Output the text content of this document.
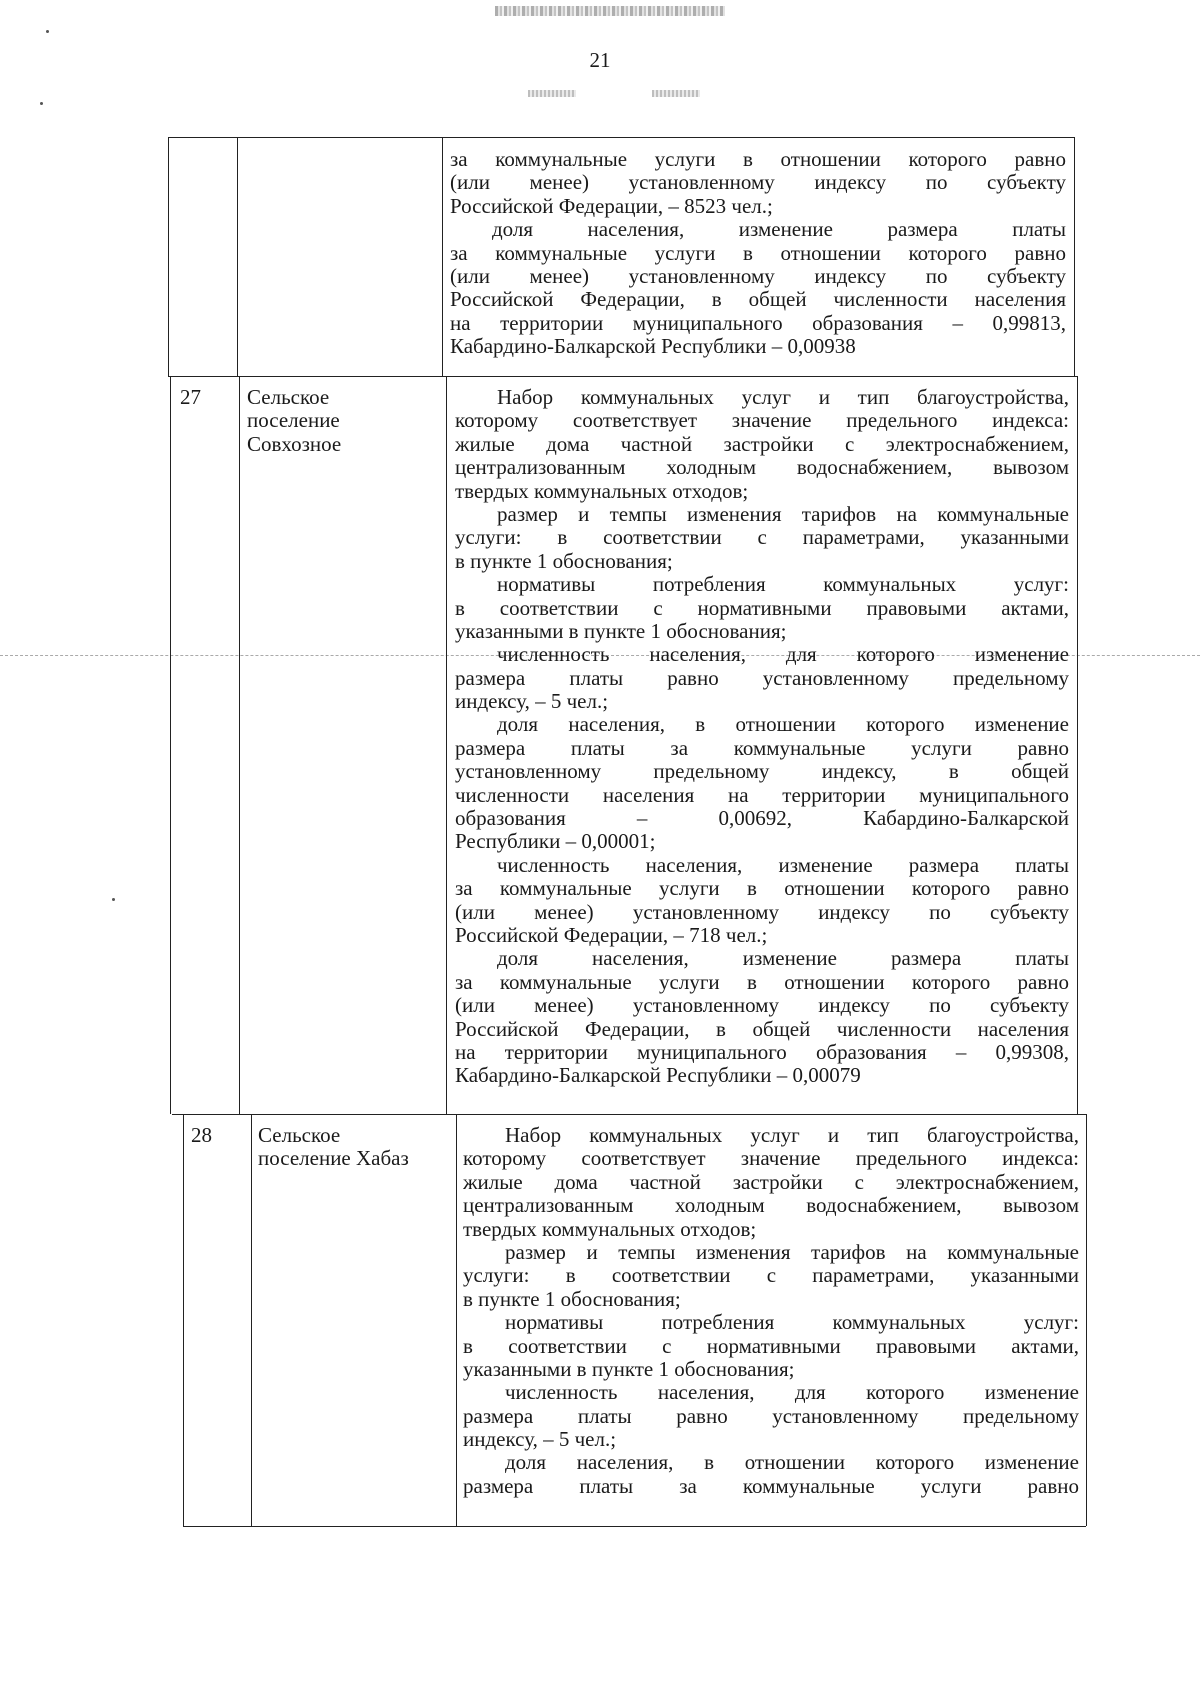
21
за коммунальные услуги в отношении которого равно
(или менее) установленному индексу по субъекту
Российской Федерации, – 8523 чел.;
доля населения, изменение размера платы
за коммунальные услуги в отношении которого равно
(или менее) установленному индексу по субъекту
Российской Федерации, в общей численности населения
на территории муниципального образования – 0,99813,
Кабардино-Балкарской Республики – 0,00938
27 Сельское
поселение
Совхозное
Набор коммунальных услуг и тип благоустройства,
которому соответствует значение предельного индекса:
жилые дома частной застройки с электроснабжением,
централизованным холодным водоснабжением, вывозом
твердых коммунальных отходов;
размер и темпы изменения тарифов на коммунальные
услуги: в соответствии с параметрами, указанными
в пункте 1 обоснования;
нормативы потребления коммунальных услуг:
в соответствии с нормативными правовыми актами,
указанными в пункте 1 обоснования;
численность населения, для которого изменение
размера платы равно установленному предельному
индексу, – 5 чел.;
доля населения, в отношении которого изменение
размера платы за коммунальные услуги равно
установленному предельному индексу, в общей
численности населения на территории муниципального
образования – 0,00692, Кабардино-Балкарской
Республики – 0,00001;
численность населения, изменение размера платы
за коммунальные услуги в отношении которого равно
(или менее) установленному индексу по субъекту
Российской Федерации, – 718 чел.;
доля населения, изменение размера платы
за коммунальные услуги в отношении которого равно
(или менее) установленному индексу по субъекту
Российской Федерации, в общей численности населения
на территории муниципального образования – 0,99308,
Кабардино-Балкарской Республики – 0,00079
28 Сельское
поселение Хабаз
Набор коммунальных услуг и тип благоустройства,
которому соответствует значение предельного индекса:
жилые дома частной застройки с электроснабжением,
централизованным холодным водоснабжением, вывозом
твердых коммунальных отходов;
размер и темпы изменения тарифов на коммунальные
услуги: в соответствии с параметрами, указанными
в пункте 1 обоснования;
нормативы потребления коммунальных услуг:
в соответствии с нормативными правовыми актами,
указанными в пункте 1 обоснования;
численность населения, для которого изменение
размера платы равно установленному предельному
индексу, – 5 чел.;
доля населения, в отношении которого изменение
размера платы за коммунальные услуги равно
